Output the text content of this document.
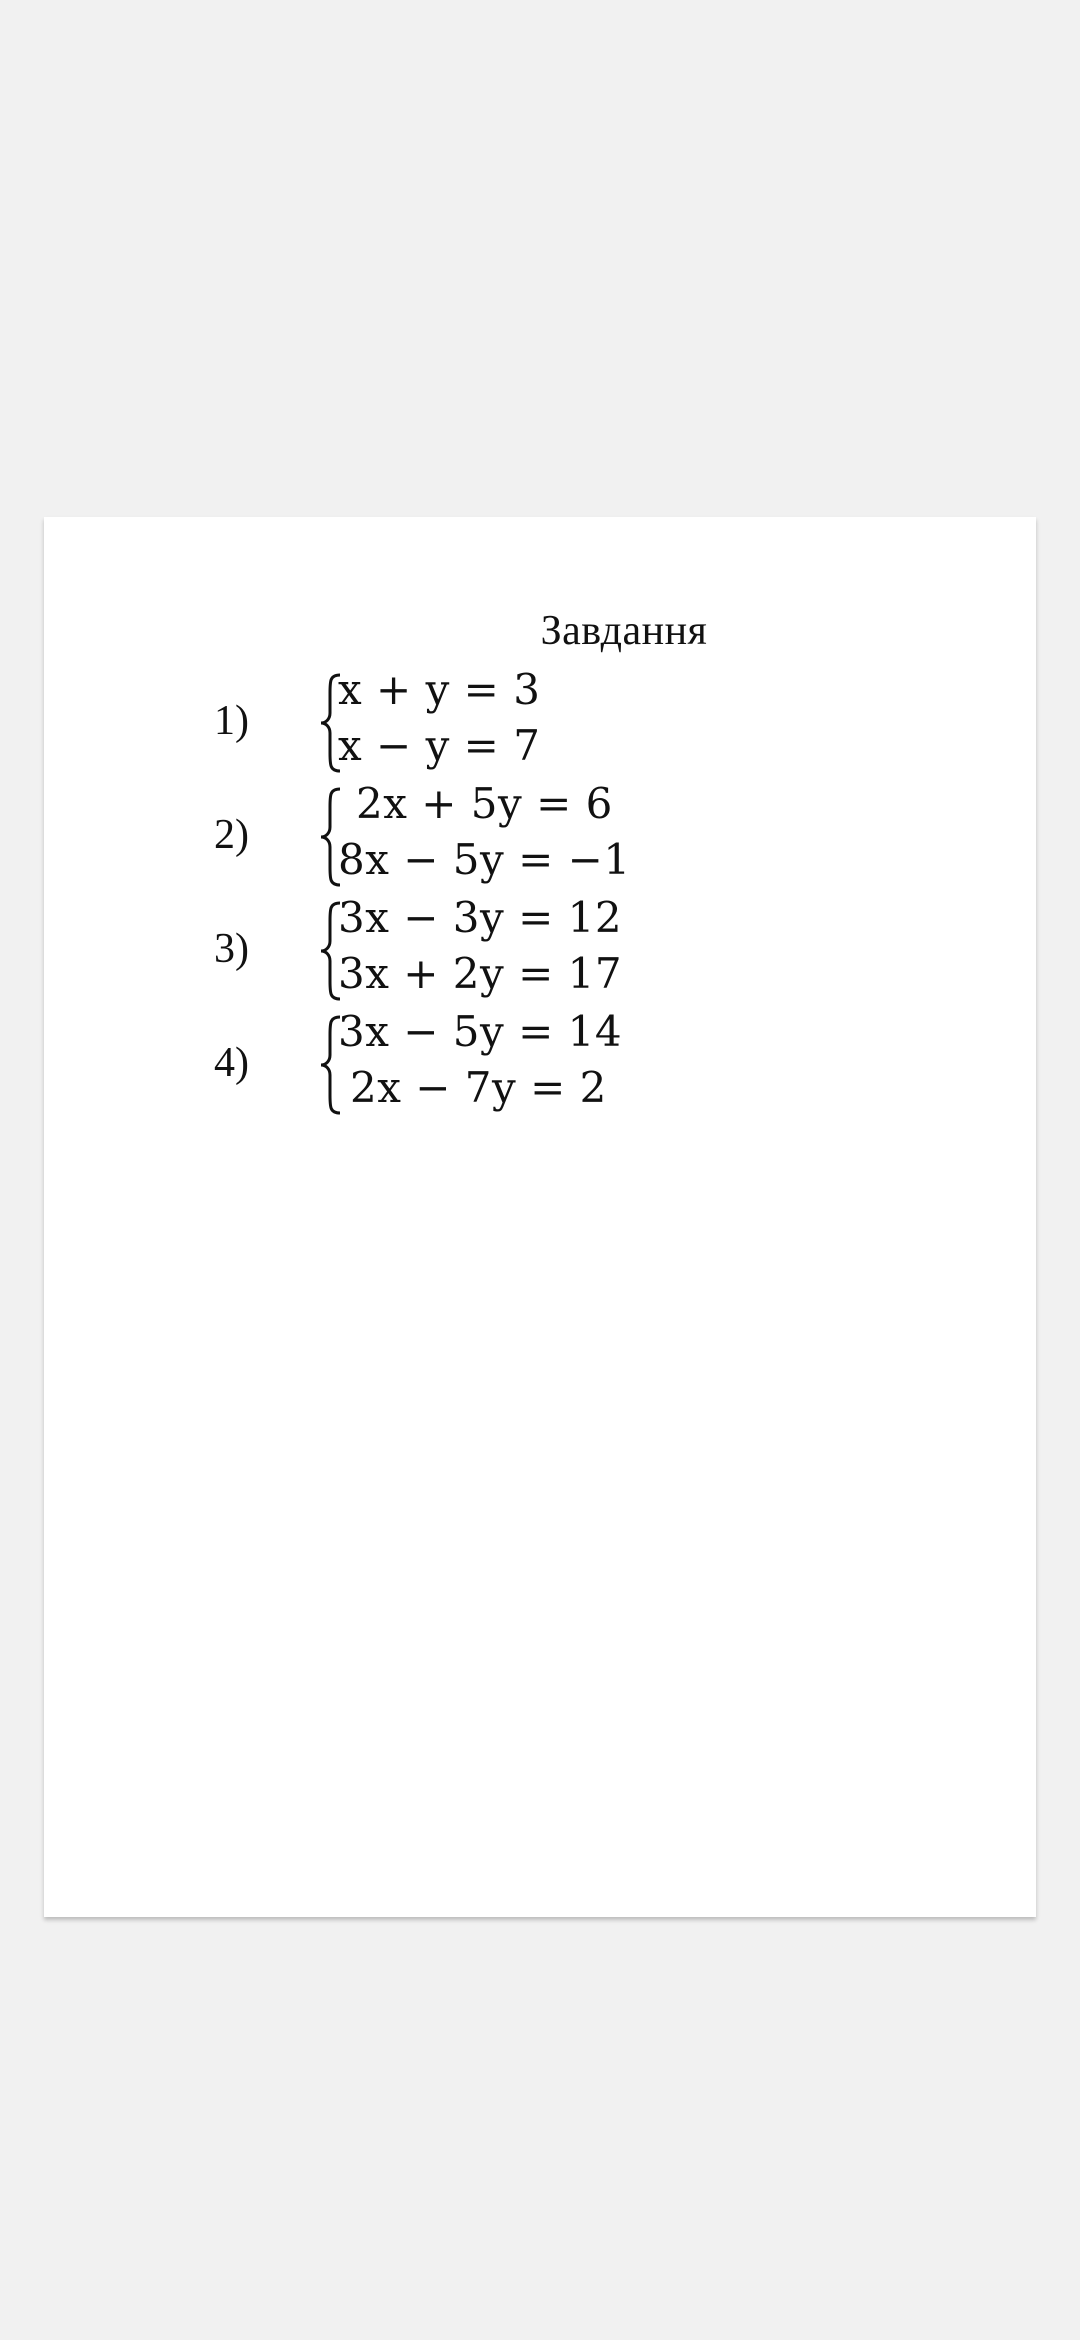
Завдання
1)
x + y = 3
x − y = 7
2)
2x + 5y = 6
8x − 5y = −1
3)
3x − 3y = 12
3x + 2y = 17
4)
3x − 5y = 14
2x − 7y = 2
